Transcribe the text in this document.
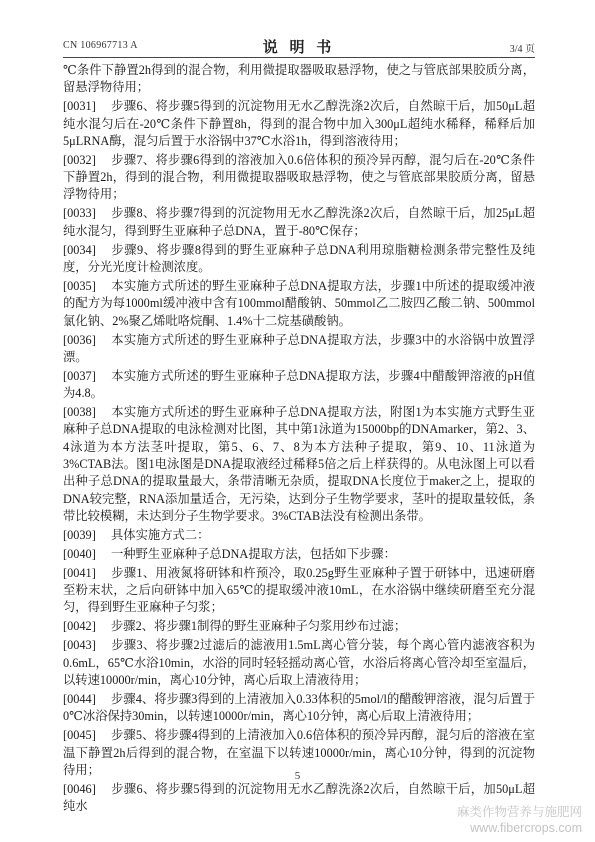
CN 106967713 A	说 明 书	3/4 页

℃条件下静置2h得到的混合物，利用微提取器吸取悬浮物，使之与管底部果胶质分离，留悬浮物待用；

[0031] 步骤6、将步骤5得到的沉淀物用无水乙醇洗涤2次后，自然晾干后，加50μL超纯水混匀后在-20℃条件下静置8h，得到的混合物中加入300μL超纯水稀释，稀释后加5μLRNA酶，混匀后置于水浴锅中37℃水浴1h，得到溶液待用；

[0032] 步骤7、将步骤6得到的溶液加入0.6倍体积的预冷异丙醇，混匀后在-20℃条件下静置2h，得到的混合物，利用微提取器吸取悬浮物，使之与管底部果胶质分离，留悬浮物待用；

[0033] 步骤8、将步骤7得到的沉淀物用无水乙醇洗涤2次后，自然晾干后，加25μL超纯水混匀，得到野生亚麻种子总DNA，置于-80℃保存；

[0034] 步骤9、将步骤8得到的野生亚麻种子总DNA利用琼脂糖检测条带完整性及纯度，分光光度计检测浓度。

[0035] 本实施方式所述的野生亚麻种子总DNA提取方法，步骤1中所述的提取缓冲液的配方为每1000ml缓冲液中含有100mmol醋酸钠、50mmol乙二胺四乙酸二钠、500mmol氯化钠、2%聚乙烯吡咯烷酮、1.4%十二烷基磺酸钠。

[0036] 本实施方式所述的野生亚麻种子总DNA提取方法，步骤3中的水浴锅中放置浮漂。

[0037] 本实施方式所述的野生亚麻种子总DNA提取方法，步骤4中醋酸钾溶液的pH值为4.8。

[0038] 本实施方式所述的野生亚麻种子总DNA提取方法，附图1为本实施方式野生亚麻种子总DNA提取的电泳检测对比图，其中第1泳道为15000bp的DNAmarker，第2、3、4泳道为本方法茎叶提取，第5、6、7、8为本方法种子提取，第9、10、11泳道为3%CTAB法。图1电泳图是DNA提取液经过稀释5倍之后上样获得的。从电泳图上可以看出种子总DNA的提取量最大，条带清晰无杂质，提取DNA长度位于maker之上，提取的DNA较完整，RNA添加量适合，无污染，达到分子生物学要求，茎叶的提取量较低，条带比较模糊，未达到分子生物学要求。3%CTAB法没有检测出条带。

[0039] 具体实施方式二：

[0040] 一种野生亚麻种子总DNA提取方法，包括如下步骤：

[0041] 步骤1、用液氮将研钵和杵预冷，取0.25g野生亚麻种子置于研钵中，迅速研磨至粉末状，之后向研钵中加入65℃的提取缓冲液10mL，在水浴锅中继续研磨至充分混匀，得到野生亚麻种子匀浆；

[0042] 步骤2、将步骤1制得的野生亚麻种子匀浆用纱布过滤；

[0043] 步骤3、将步骤2过滤后的滤液用1.5mL离心管分装，每个离心管内滤液容积为0.6mL，65℃水浴10min，水浴的同时轻轻摇动离心管，水浴后将离心管冷却至室温后，以转速10000r/min，离心10分钟，离心后取上清液待用；

[0044] 步骤4、将步骤3得到的上清液加入0.33体积的5mol/l的醋酸钾溶液，混匀后置于0℃冰浴保持30min，以转速10000r/min，离心10分钟，离心后取上清液待用；

[0045] 步骤5、将步骤4得到的上清液加入0.6倍体积的预冷异丙醇，混匀后的溶液在室温下静置2h后得到的混合物，在室温下以转速10000r/min，离心10分钟，得到的沉淀物待用；

[0046] 步骤6、将步骤5得到的沉淀物用无水乙醇洗涤2次后，自然晾干后，加50μL超纯水

5
麻类作物营养与施肥网
www.fibercrops.com
